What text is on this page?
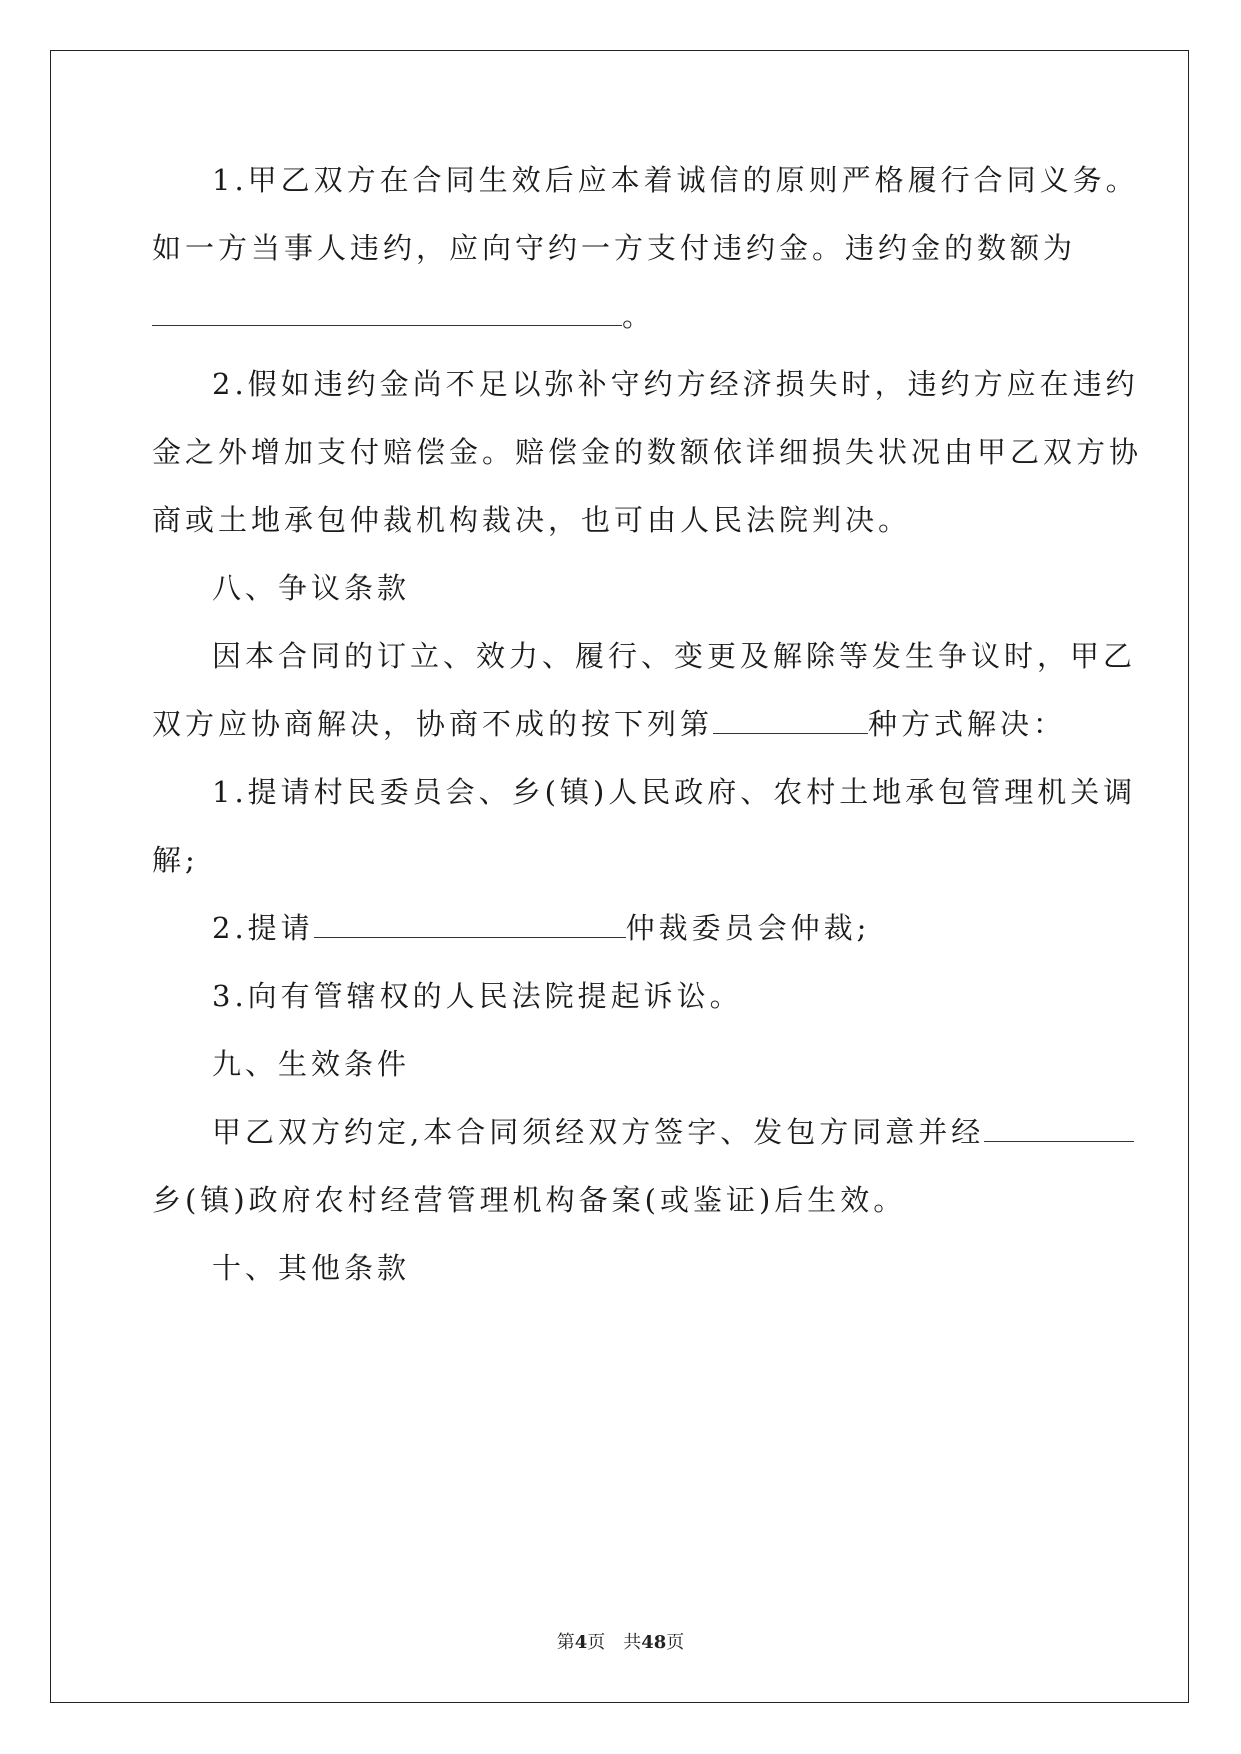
1.甲乙双方在合同生效后应本着诚信的原则严格履行合同义务。
如一方当事人违约，应向守约一方支付违约金。违约金的数额为
。
2.假如违约金尚不足以弥补守约方经济损失时，违约方应在违约
金之外增加支付赔偿金。赔偿金的数额依详细损失状况由甲乙双方协
商或土地承包仲裁机构裁决，也可由人民法院判决。
八、争议条款
因本合同的订立、效力、履行、变更及解除等发生争议时，甲乙
双方应协商解决，协商不成的按下列第	种方式解决：
1.提请村民委员会、乡(镇)人民政府、农村土地承包管理机关调
解;
2.提请	仲裁委员会仲裁;
3.向有管辖权的人民法院提起诉讼。
九、生效条件
甲乙双方约定,本合同须经双方签字、发包方同意并经
乡(镇)政府农村经营管理机构备案(或鉴证)后生效。
十、其他条款
第4页　共48页
